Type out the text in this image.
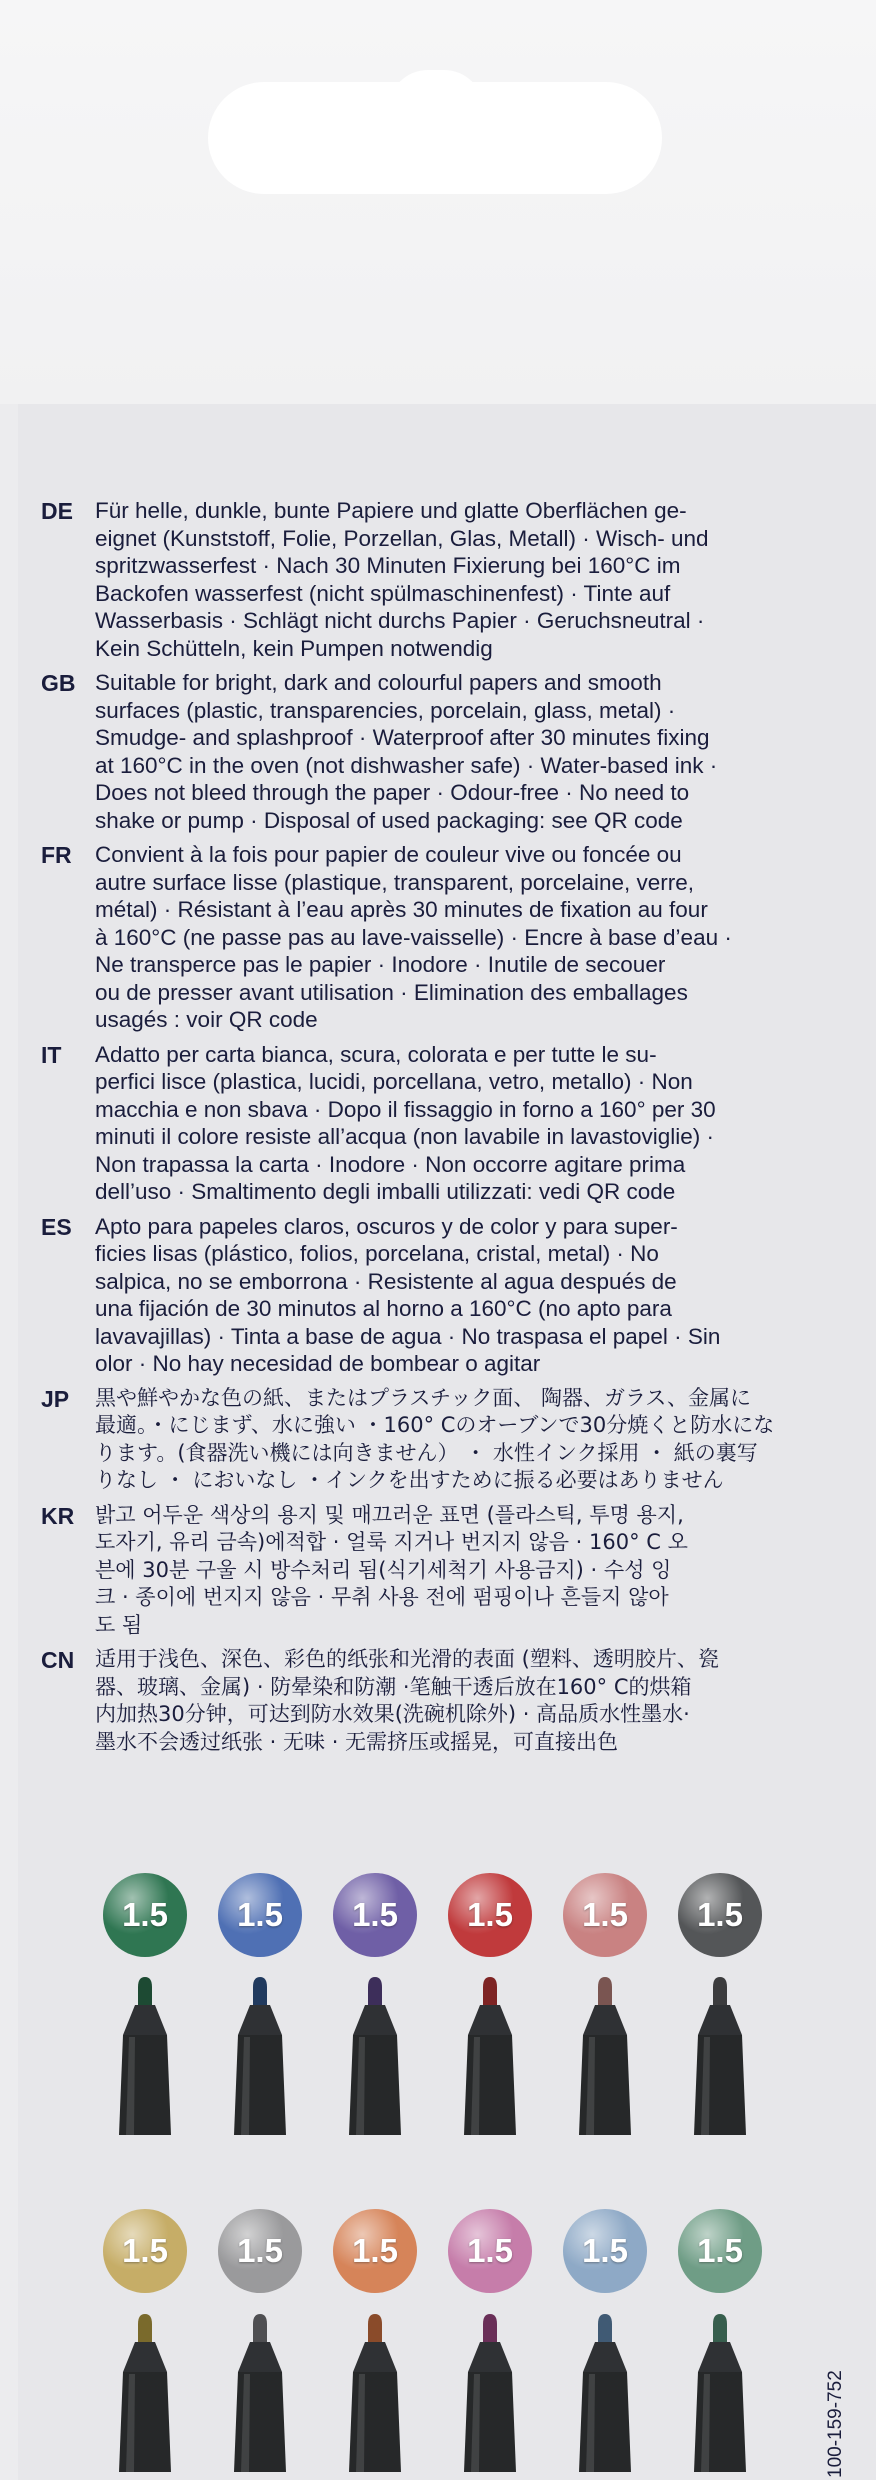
DE Für helle, dunkle, bunte Papiere und glatte Oberflächen ge-
eignet (Kunststoff, Folie, Porzellan, Glas, Metall) · Wisch- und
spritzwasserfest · Nach 30 Minuten Fixierung bei 160°C im
Backofen wasserfest (nicht spülmaschinenfest) · Tinte auf
Wasserbasis · Schlägt nicht durchs Papier · Geruchsneutral ·
Kein Schütteln, kein Pumpen notwendig
GB Suitable for bright, dark and colourful papers and smooth
surfaces (plastic, transparencies, porcelain, glass, metal) ·
Smudge- and splashproof · Waterproof after 30 minutes fixing
at 160°C in the oven (not dishwasher safe) · Water-based ink ·
Does not bleed through the paper · Odour-free · No need to
shake or pump · Disposal of used packaging: see QR code
FR	Convient à la fois pour papier de couleur vive ou foncée ou
autre surface lisse (plastique, transparent, porcelaine, verre,
métal) · Résistant à l’eau après 30 minutes de fixation au four
à 160°C (ne passe pas au lave-vaisselle) · Encre à base d’eau ·
Ne transperce pas le papier · Inodore · Inutile de secouer
ou de presser avant utilisation · Elimination des emballages
usagés : voir QR code
IT	Adatto per carta bianca, scura, colorata e per tutte le su-
perfici lisce (plastica, lucidi, porcellana, vetro, metallo) · Non
macchia e non sbava · Dopo il fissaggio in forno a 160° per 30
minuti il colore resiste all’acqua (non lavabile in lavastoviglie) ·
Non trapassa la carta · Inodore · Non occorre agitare prima
dell’uso · Smaltimento degli imballi utilizzati: vedi QR code
ES	Apto para papeles claros, oscuros y de color y para super-
ficies lisas (plástico, folios, porcelana, cristal, metal) · No
salpica, no se emborrona · Resistente al agua después de
una fijación de 30 minutos al horno a 160°C (no apto para
lavavajillas) · Tinta a base de agua · No traspasa el papel · Sin
olor · No hay necesidad de bombear o agitar
JP	黒や鮮やかな色の紙、またはプラスチック面、 陶器、ガラス、金属に
最適。・にじまず、水に強い ・160° Cのオーブンで30分焼くと防水にな
ります。(食器洗い機には向きません） ・ 水性インク採用 ・ 紙の裏写
りなし ・ においなし ・インクを出すために振る必要はありません
KR 밝고 어두운 색상의 용지 및 매끄러운 표면 (플라스틱, 투명 용지,
도자기, 유리 금속)에적합 · 얼룩 지거나 번지지 않음 · 160° C 오
븐에 30분 구울 시 방수처리 됨(식기세척기 사용금지) · 수성 잉
크 · 종이에 번지지 않음 · 무취 사용 전에 펌핑이나 흔들지 않아
도 됨
CN 适用于浅色、深色、彩色的纸张和光滑的表面 (塑料、透明胶片、瓷
器、玻璃、金属) · 防晕染和防潮 ·笔触干透后放在160° C的烘箱
内加热30分钟，可达到防水效果(洗碗机除外) · 高品质水性墨水·
墨水不会透过纸张 · 无味 · 无需挤压或摇晃，可直接出色
1.5 1.5 1.5 1.5 1.5 1.5
1.5 1.5 1.5 1.5 1.5 1.5
100-159-752
